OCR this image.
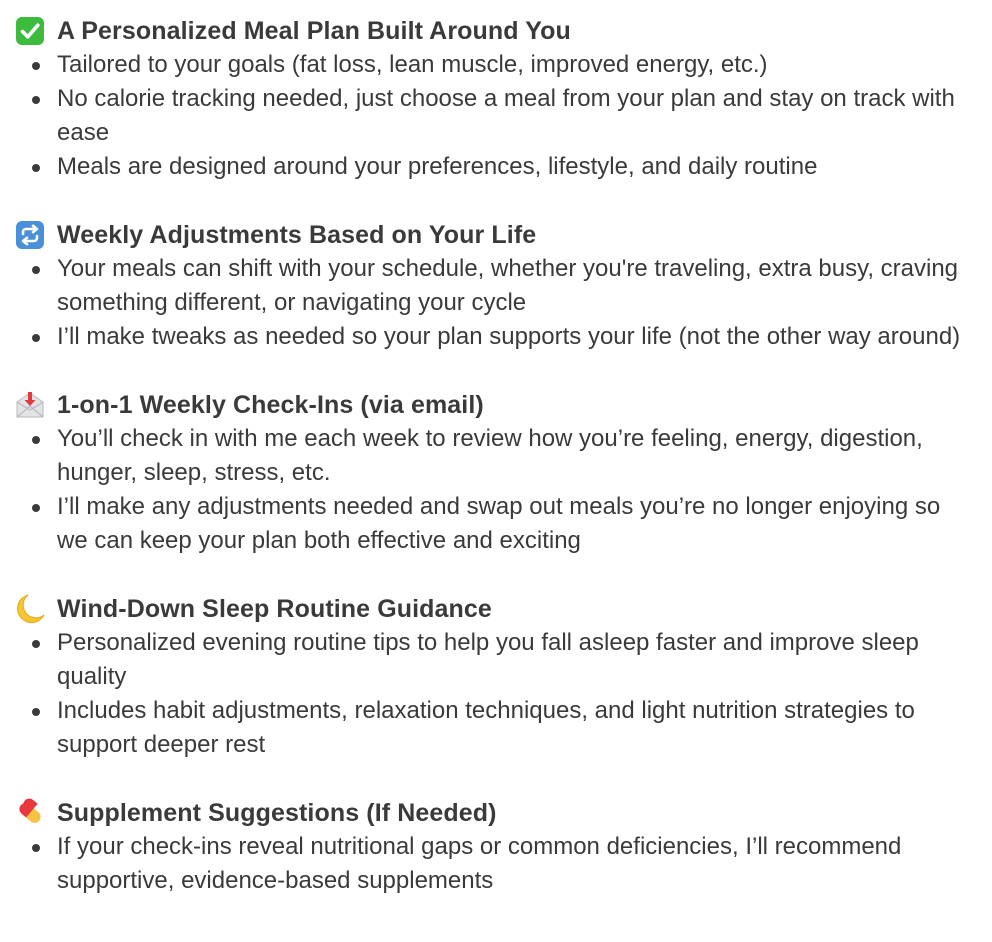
A Personalized Meal Plan Built Around You
Tailored to your goals (fat loss, lean muscle, improved energy, etc.)
No calorie tracking needed, just choose a meal from your plan and stay on track with ease
Meals are designed around your preferences, lifestyle, and daily routine
Weekly Adjustments Based on Your Life
Your meals can shift with your schedule, whether you're traveling, extra busy, craving something different, or navigating your cycle
I’ll make tweaks as needed so your plan supports your life (not the other way around)
1-on-1 Weekly Check-Ins (via email)
You’ll check in with me each week to review how you’re feeling, energy, digestion, hunger, sleep, stress, etc.
I’ll make any adjustments needed and swap out meals you’re no longer enjoying so we can keep your plan both effective and exciting
Wind-Down Sleep Routine Guidance
Personalized evening routine tips to help you fall asleep faster and improve sleep quality
Includes habit adjustments, relaxation techniques, and light nutrition strategies to support deeper rest
Supplement Suggestions (If Needed)
If your check-ins reveal nutritional gaps or common deficiencies, I’ll recommend supportive, evidence-based supplements
